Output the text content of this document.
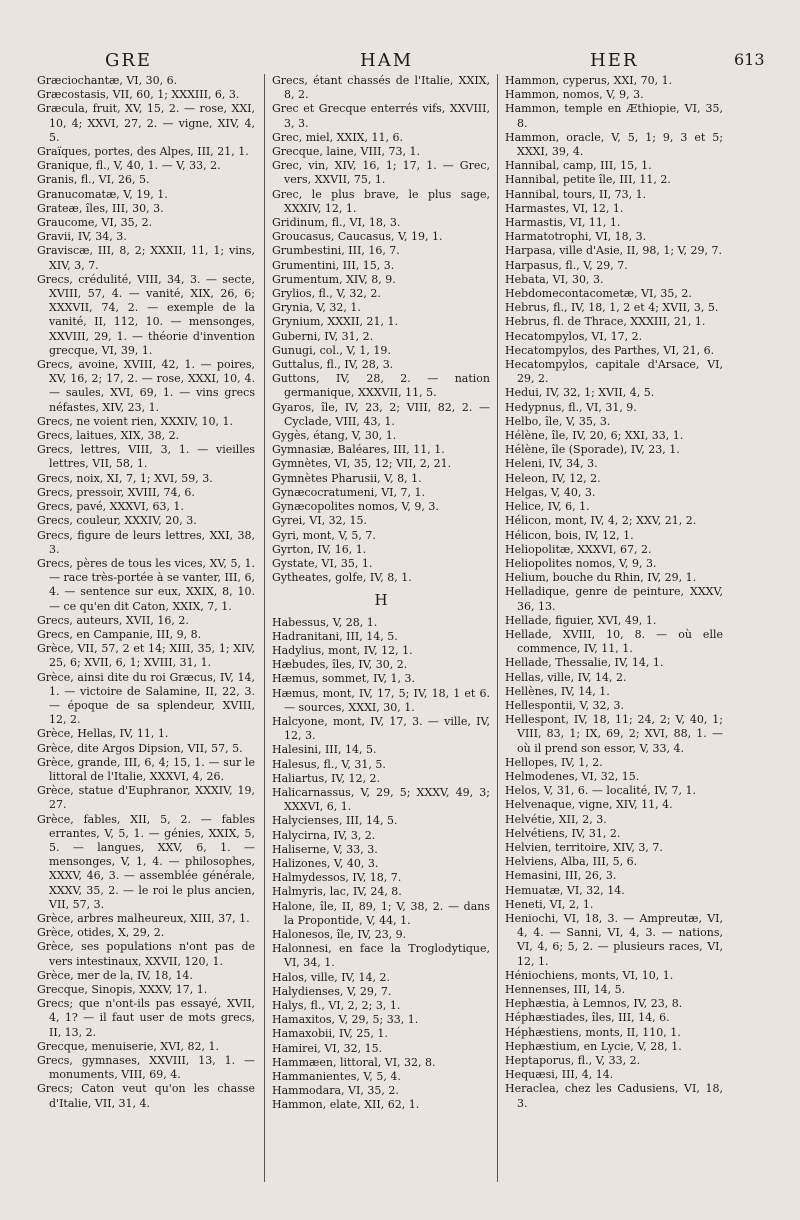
GRE	HAM	HER	613

Græciochantæ, VI, 30, 6.

Græcostasis, VII, 60, 1; XXXIII, 6, 3.

Græcula, fruit, XV, 15, 2. — rose, XXI, 10, 4; XXVI, 27, 2. — vigne, XIV, 4, 5.

Graïques, portes, des Alpes, III, 21, 1.

Granique, fl., V, 40, 1. — V, 33, 2.

Granis, fl., VI, 26, 5.

Granucomatæ, V, 19, 1.

Grateæ, îles, III, 30, 3.

Graucome, VI, 35, 2.

Gravii, IV, 34, 3.

Graviscæ, III, 8, 2; XXXII, 11, 1; vins, XIV, 3, 7.

Grecs, crédulité, VIII, 34, 3. — secte, XVIII, 57, 4. — vanité, XIX, 26, 6; XXXVII, 74, 2. — exemple de la vanité, II, 112, 10. — mensonges, XXVIII, 29, 1. — théorie d'invention grecque, VI, 39, 1.

Grecs, avoine, XVIII, 42, 1. — poires, XV, 16, 2; 17, 2. — rose, XXXI, 10, 4. — saules, XVI, 69, 1. — vins grecs néfastes, XIV, 23, 1.

Grecs, ne voient rien, XXXIV, 10, 1.

Grecs, laitues, XIX, 38, 2.

Grecs, lettres, VIII, 3, 1. — vieilles lettres, VII, 58, 1.

Grecs, noix, XI, 7, 1; XVI, 59, 3.

Grecs, pressoir, XVIII, 74, 6.

Grecs, pavé, XXXVI, 63, 1.

Grecs, couleur, XXXIV, 20, 3.

Grecs, figure de leurs lettres, XXI, 38, 3.

Grecs, pères de tous les vices, XV, 5, 1. — race très-portée à se vanter, III, 6, 4. — sentence sur eux, XXIX, 8, 10. — ce qu'en dit Caton, XXIX, 7, 1.

Grecs, auteurs, XVII, 16, 2.

Grecs, en Campanie, III, 9, 8.

Grèce, VII, 57, 2 et 14; XIII, 35, 1; XIV, 25, 6; XVII, 6, 1; XVIII, 31, 1.

Grèce, ainsi dite du roi Græcus, IV, 14, 1. — victoire de Salamine, II, 22, 3. — époque de sa splendeur, XVIII, 12, 2.

Grèce, Hellas, IV, 11, 1.

Grèce, dite Argos Dipsion, VII, 57, 5.

Grèce, grande, III, 6, 4; 15, 1. — sur le littoral de l'Italie, XXXVI, 4, 26.

Grèce, statue d'Euphranor, XXXIV, 19, 27.

Grèce, fables, XII, 5, 2. — fables errantes, V, 5, 1. — génies, XXIX, 5, 5. — langues, XXV, 6, 1. — mensonges, V, 1, 4. — philosophes, XXXV, 46, 3. — assemblée générale, XXXV, 35, 2. — le roi le plus ancien, VII, 57, 3.

Grèce, arbres malheureux, XIII, 37, 1.

Grèce, otides, X, 29, 2.

Grèce, ses populations n'ont pas de vers intestinaux, XXVII, 120, 1.

Grèce, mer de la, IV, 18, 14.

Grecque, Sinopis, XXXV, 17, 1.

Grecs; que n'ont-ils pas essayé, XVII, 4, 1? — il faut user de mots grecs, II, 13, 2.

Grecque, menuiserie, XVI, 82, 1.

Grecs, gymnases, XXVIII, 13, 1. — monuments, VIII, 69, 4.

Grecs; Caton veut qu'on les chasse d'Italie, VII, 31, 4.

Grecs, étant chassés de l'Italie, XXIX, 8, 2.

Grec et Grecque enterrés vifs, XXVIII, 3, 3.

Grec, miel, XXIX, 11, 6.

Grecque, laine, VIII, 73, 1.

Grec, vin, XIV, 16, 1; 17, 1. — Grec, vers, XXVII, 75, 1.

Grec, le plus brave, le plus sage, XXXIV, 12, 1.

Gridinum, fl., VI, 18, 3.

Groucasus, Caucasus, V, 19, 1.

Grumbestini, III, 16, 7.

Grumentini, III, 15, 3.

Grumentum, XIV, 8, 9.

Grylios, fl., V, 32, 2.

Grynia, V, 32, 1.

Grynium, XXXII, 21, 1.

Guberni, IV, 31, 2.

Gunugi, col., V, 1, 19.

Guttalus, fl., IV, 28, 3.

Guttons, IV, 28, 2. — nation germanique, XXXVII, 11, 5.

Gyaros, île, IV, 23, 2; VIII, 82, 2. — Cyclade, VIII, 43, 1.

Gygès, étang, V, 30, 1.

Gymnasiæ, Baléares, III, 11, 1.

Gymnètes, VI, 35, 12; VII, 2, 21.

Gymnètes Pharusii, V, 8, 1.

Gynæcocratumeni, VI, 7, 1.

Gynæcopolites nomos, V, 9, 3.

Gyrei, VI, 32, 15.

Gyri, mont, V, 5, 7.

Gyrton, IV, 16, 1.

Gystate, VI, 35, 1.

Gytheates, golfe, IV, 8, 1.

H

Habessus, V, 28, 1.

Hadranitani, III, 14, 5.

Hadylius, mont, IV, 12, 1.

Hæbudes, îles, IV, 30, 2.

Hæmus, sommet, IV, 1, 3.

Hæmus, mont, IV, 17, 5; IV, 18, 1 et 6. — sources, XXXI, 30, 1.

Halcyone, mont, IV, 17, 3. — ville, IV, 12, 3.

Halesini, III, 14, 5.

Halesus, fl., V, 31, 5.

Haliartus, IV, 12, 2.

Halicarnassus, V, 29, 5; XXXV, 49, 3; XXXVI, 6, 1.

Halycienses, III, 14, 5.

Halycirna, IV, 3, 2.

Haliserne, V, 33, 3.

Halizones, V, 40, 3.

Halmydessos, IV, 18, 7.

Halmyris, lac, IV, 24, 8.

Halone, île, II, 89, 1; V, 38, 2. — dans la Propontide, V, 44, 1.

Halonesos, île, IV, 23, 9.

Halonnesi, en face la Troglodytique, VI, 34, 1.

Halos, ville, IV, 14, 2.

Halydienses, V, 29, 7.

Halys, fl., VI, 2, 2; 3, 1.

Hamaxitos, V, 29, 5; 33, 1.

Hamaxobii, IV, 25, 1.

Hamirei, VI, 32, 15.

Hammæen, littoral, VI, 32, 8.

Hammanientes, V, 5, 4.

Hammodara, VI, 35, 2.

Hammon, elate, XII, 62, 1.

Hammon, cyperus, XXI, 70, 1.

Hammon, nomos, V, 9, 3.

Hammon, temple en Æthiopie, VI, 35, 8.

Hammon, oracle, V, 5, 1; 9, 3 et 5; XXXI, 39, 4.

Hannibal, camp, III, 15, 1.

Hannibal, petite île, III, 11, 2.

Hannibal, tours, II, 73, 1.

Harmastes, VI, 12, 1.

Harmastis, VI, 11, 1.

Harmatotrophi, VI, 18, 3.

Harpasa, ville d'Asie, II, 98, 1; V, 29, 7.

Harpasus, fl., V, 29, 7.

Hebata, VI, 30, 3.

Hebdomecontacometæ, VI, 35, 2.

Hebrus, fl., IV, 18, 1, 2 et 4; XVII, 3, 5.

Hebrus, fl. de Thrace, XXXIII, 21, 1.

Hecatompylos, VI, 17, 2.

Hecatompylos, des Parthes, VI, 21, 6.

Hecatompylos, capitale d'Arsace, VI, 29, 2.

Hedui, IV, 32, 1; XVII, 4, 5.

Hedypnus, fl., VI, 31, 9.

Helbo, île, V, 35, 3.

Hélène, île, IV, 20, 6; XXI, 33, 1.

Hélène, île (Sporade), IV, 23, 1.

Heleni, IV, 34, 3.

Heleon, IV, 12, 2.

Helgas, V, 40, 3.

Helice, IV, 6, 1.

Hélicon, mont, IV, 4, 2; XXV, 21, 2.

Hélicon, bois, IV, 12, 1.

Heliopolitæ, XXXVI, 67, 2.

Heliopolites nomos, V, 9, 3.

Helium, bouche du Rhin, IV, 29, 1.

Helladique, genre de peinture, XXXV, 36, 13.

Hellade, figuier, XVI, 49, 1.

Hellade, XVIII, 10, 8. — où elle commence, IV, 11, 1.

Hellade, Thessalie, IV, 14, 1.

Hellas, ville, IV, 14, 2.

Hellènes, IV, 14, 1.

Hellespontii, V, 32, 3.

Hellespont, IV, 18, 11; 24, 2; V, 40, 1; VIII, 83, 1; IX, 69, 2; XVI, 88, 1. — où il prend son essor, V, 33, 4.

Hellopes, IV, 1, 2.

Helmodenes, VI, 32, 15.

Helos, V, 31, 6. — localité, IV, 7, 1.

Helvenaque, vigne, XIV, 11, 4.

Helvétie, XII, 2, 3.

Helvétiens, IV, 31, 2.

Helvien, territoire, XIV, 3, 7.

Helviens, Alba, III, 5, 6.

Hemasini, III, 26, 3.

Hemuatæ, VI, 32, 14.

Heneti, VI, 2, 1.

Heniochi, VI, 18, 3. — Ampreutæ, VI, 4, 4. — Sanni, VI, 4, 3. — nations, VI, 4, 6; 5, 2. — plusieurs races, VI, 12, 1.

Héniochiens, monts, VI, 10, 1.

Hennenses, III, 14, 5.

Hephæstia, à Lemnos, IV, 23, 8.

Héphæstiades, îles, III, 14, 6.

Héphæstiens, monts, II, 110, 1.

Hephæstium, en Lycie, V, 28, 1.

Heptaporus, fl., V, 33, 2.

Hequæsi, III, 4, 14.

Heraclea, chez les Cadusiens, VI, 18, 3.
